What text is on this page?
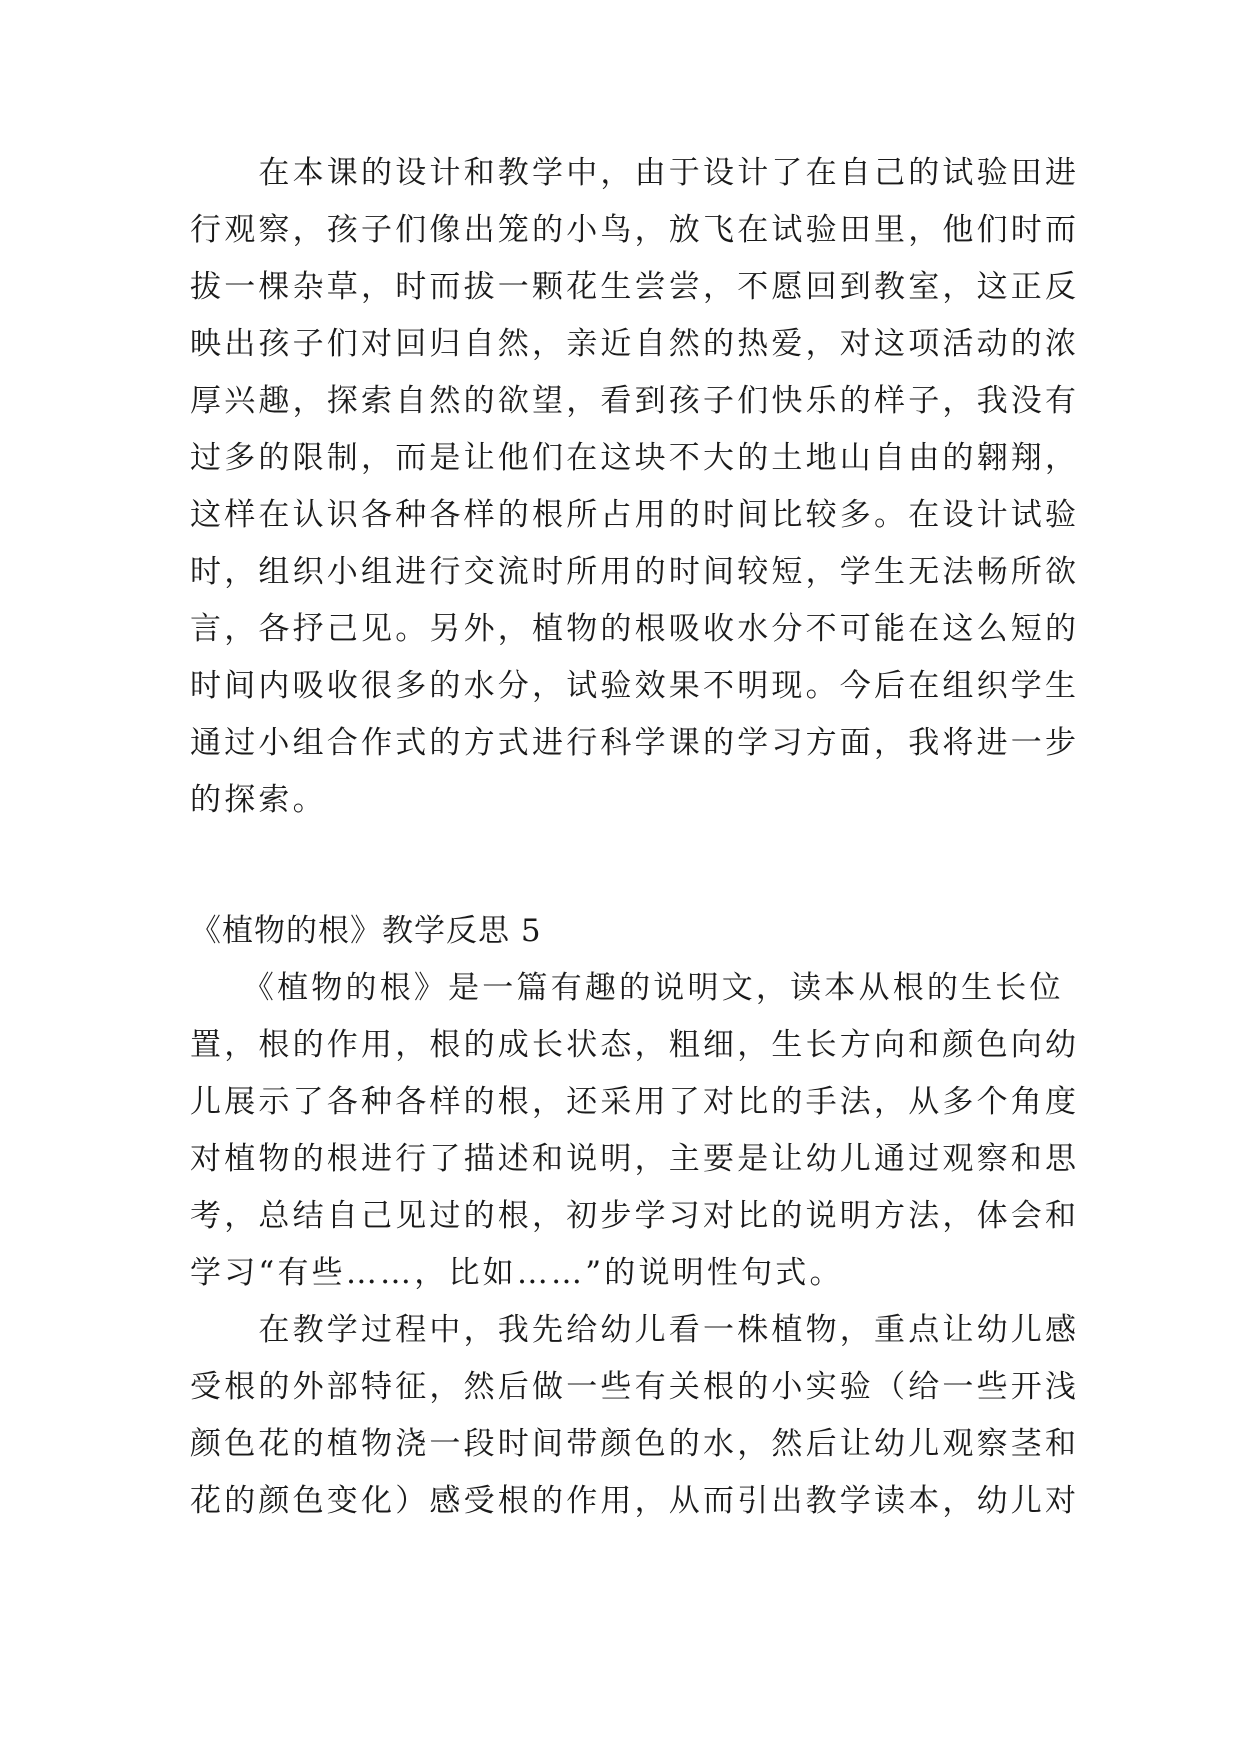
　　在本课的设计和教学中，由于设计了在自己的试验田进
行观察，孩子们像出笼的小鸟，放飞在试验田里，他们时而
拔一棵杂草，时而拔一颗花生尝尝，不愿回到教室，这正反
映出孩子们对回归自然，亲近自然的热爱，对这项活动的浓
厚兴趣，探索自然的欲望，看到孩子们快乐的样子，我没有
过多的限制，而是让他们在这块不大的土地山自由的翱翔，
这样在认识各种各样的根所占用的时间比较多。在设计试验
时，组织小组进行交流时所用的时间较短，学生无法畅所欲
言，各抒己见。另外，植物的根吸收水分不可能在这么短的
时间内吸收很多的水分，试验效果不明现。今后在组织学生
通过小组合作式的方式进行科学课的学习方面，我将进一步
的探索。
《植物的根》教学反思 5
　　《植物的根》是一篇有趣的说明文，读本从根的生长位
置，根的作用，根的成长状态，粗细，生长方向和颜色向幼
儿展示了各种各样的根，还采用了对比的手法，从多个角度
对植物的根进行了描述和说明，主要是让幼儿通过观察和思
考，总结自己见过的根，初步学习对比的说明方法，体会和
学习“有些……，比如……”的说明性句式。
　　在教学过程中，我先给幼儿看一株植物，重点让幼儿感
受根的外部特征，然后做一些有关根的小实验（给一些开浅
颜色花的植物浇一段时间带颜色的水，然后让幼儿观察茎和
花的颜色变化）感受根的作用，从而引出教学读本，幼儿对
